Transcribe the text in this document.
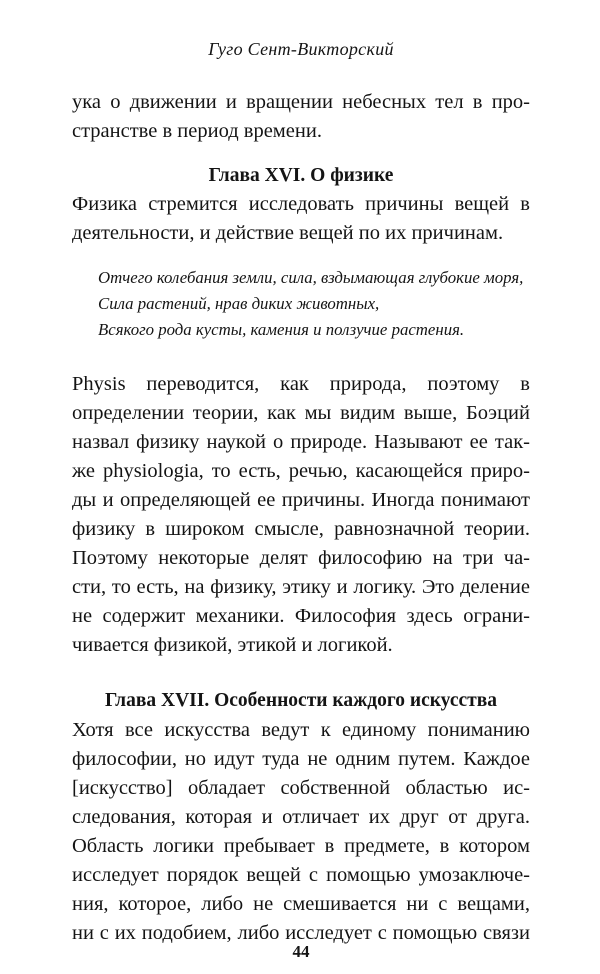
Гуго Сент-Викторский
ука о движении и вращении небесных тел в про-
странстве в период времени.
Глава XVI. О физике
Физика стремится исследовать причины вещей в
деятельности, и действие вещей по их причинам.
Отчего колебания земли, сила, вздымающая глубокие моря,
Сила растений, нрав диких животных,
Всякого рода кусты, камения и ползучие растения.
Physis переводится, как природа, поэтому в
определении теории, как мы видим выше, Боэций
назвал физику наукой о природе. Называют ее так-
же physiologia, то есть, речью, касающейся приро-
ды и определяющей ее причины. Иногда понимают
физику в широком смысле, равнозначной теории.
Поэтому некоторые делят философию на три ча-
сти, то есть, на физику, этику и логику. Это деление
не содержит механики. Философия здесь ограни-
чивается физикой, этикой и логикой.
Глава XVII. Особенности каждого искусства
Хотя все искусства ведут к единому пониманию
философии, но идут туда не одним путем. Каждое
[искусство] обладает собственной областью ис-
следования, которая и отличает их друг от друга.
Область логики пребывает в предмете, в котором
исследует порядок вещей с помощью умозаключе-
ния, которое, либо не смешивается ни с вещами,
ни с их подобием, либо исследует с помощью связи
44
